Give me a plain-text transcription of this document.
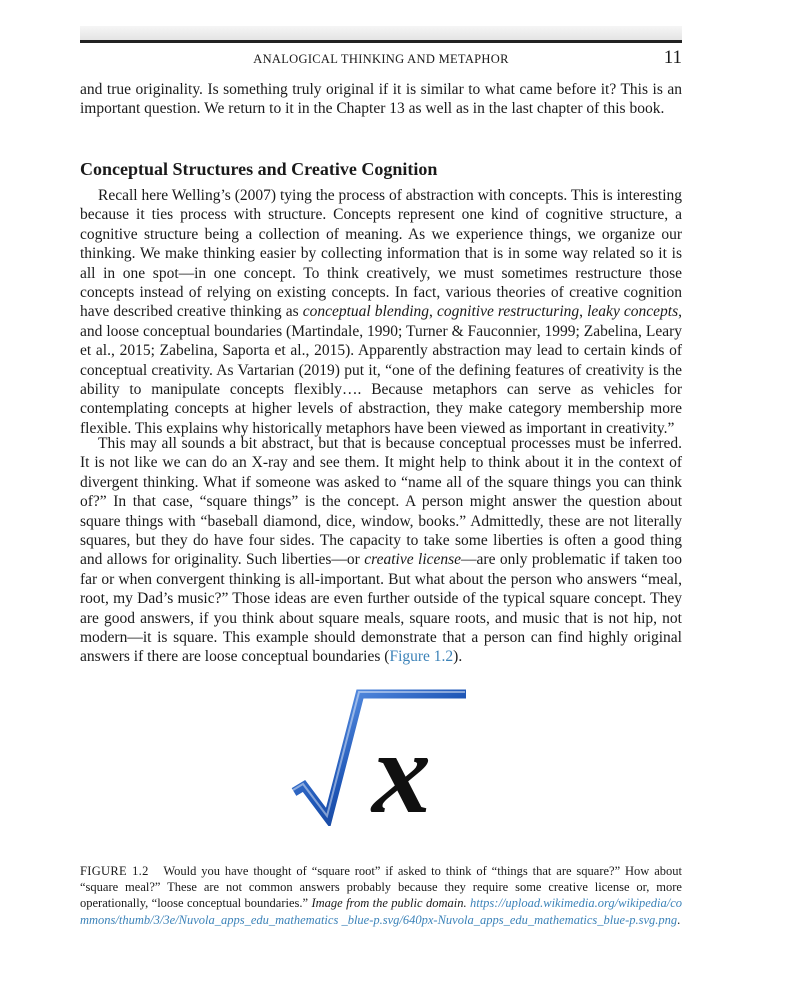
ANALOGICAL THINKING AND METAPHOR	11

and true originality. Is something truly original if it is similar to what came before it? This is an important question. We return to it in the Chapter 13 as well as in the last chapter of this book.

Conceptual Structures and Creative Cognition

Recall here Welling’s (2007) tying the process of abstraction with concepts. This is interesting because it ties process with structure. Concepts represent one kind of cognitive structure, a cognitive structure being a collection of meaning. As we experience things, we organize our thinking. We make thinking easier by collecting information that is in some way related so it is all in one spot—in one concept. To think creatively, we must sometimes restructure those concepts instead of relying on existing concepts. In fact, various theories of creative cognition have described creative thinking as conceptual blending, cognitive restructuring, leaky concepts, and loose conceptual boundaries (Martindale, 1990; Turner & Fauconnier, 1999; Zabelina, Leary et al., 2015; Zabelina, Saporta et al., 2015). Apparently abstraction may lead to certain kinds of conceptual creativity. As Vartarian (2019) put it, “one of the defining features of creativity is the ability to manipulate concepts flexibly…. Because metaphors can serve as vehicles for contemplating concepts at higher levels of abstraction, they make category membership more flexible. This explains why historically metaphors have been viewed as important in creativity.”

This may all sounds a bit abstract, but that is because conceptual processes must be inferred. It is not like we can do an X-ray and see them. It might help to think about it in the context of divergent thinking. What if someone was asked to “name all of the square things you can think of?” In that case, “square things” is the concept. A person might answer the question about square things with “baseball diamond, dice, window, books.” Admittedly, these are not literally squares, but they do have four sides. The capacity to take some liberties is often a good thing and allows for originality. Such liberties—or creative license—are only problematic if taken too far or when convergent thinking is all-important. But what about the person who answers “meal, root, my Dad’s music?” Those ideas are even further outside of the typical square concept. They are good answers, if you think about square meals, square roots, and music that is not hip, not modern—it is square. This example should demonstrate that a person can find highly original answers if there are loose conceptual boundaries (Figure 1.2).

x

FIGURE 1.2 Would you have thought of “square root” if asked to think of “things that are square?” How about “square meal?” These are not common answers probably because they require some creative license or, more operationally, “loose conceptual boundaries.” Image from the public domain. https://upload.wikimedia.org/wikipedia/commons/thumb/3/3e/Nuvola_apps_edu_mathematics _blue-p.svg/640px-Nuvola_apps_edu_mathematics_blue-p.svg.png.
